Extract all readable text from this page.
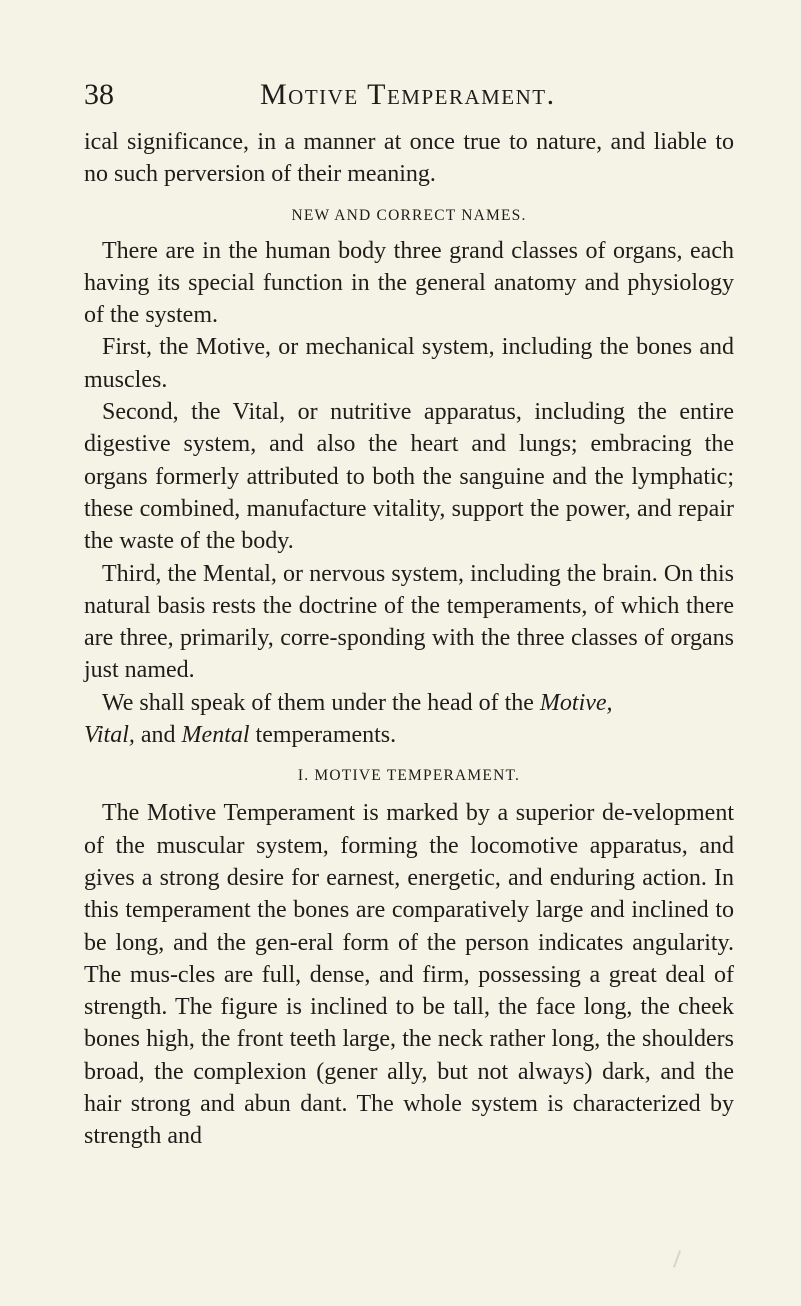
38	Motive Temperament.

ical significance, in a manner at once true to nature, and liable to no such perversion of their meaning.

NEW AND CORRECT NAMES.

There are in the human body three grand classes of organs, each having its special function in the general anatomy and physiology of the system.

First, the Motive, or mechanical system, including the bones and muscles.

Second, the Vital, or nutritive apparatus, including the entire digestive system, and also the heart and lungs; embracing the organs formerly attributed to both the sanguine and the lymphatic; these combined, manufacture vitality, support the power, and repair the waste of the body.

Third, the Mental, or nervous system, including the brain. On this natural basis rests the doctrine of the temperaments, of which there are three, primarily, corre-sponding with the three classes of organs just named.

We shall speak of them under the head of the Motive,
Vital, and Mental temperaments.

I. MOTIVE TEMPERAMENT.

The Motive Temperament is marked by a superior de-velopment of the muscular system, forming the locomotive apparatus, and gives a strong desire for earnest, energetic, and enduring action. In this temperament the bones are comparatively large and inclined to be long, and the gen-eral form of the person indicates angularity. The mus-cles are full, dense, and firm, possessing a great deal of strength. The figure is inclined to be tall, the face long, the cheek bones high, the front teeth large, the neck rather long, the shoulders broad, the complexion (gener ally, but not always) dark, and the hair strong and abun dant. The whole system is characterized by strength and
